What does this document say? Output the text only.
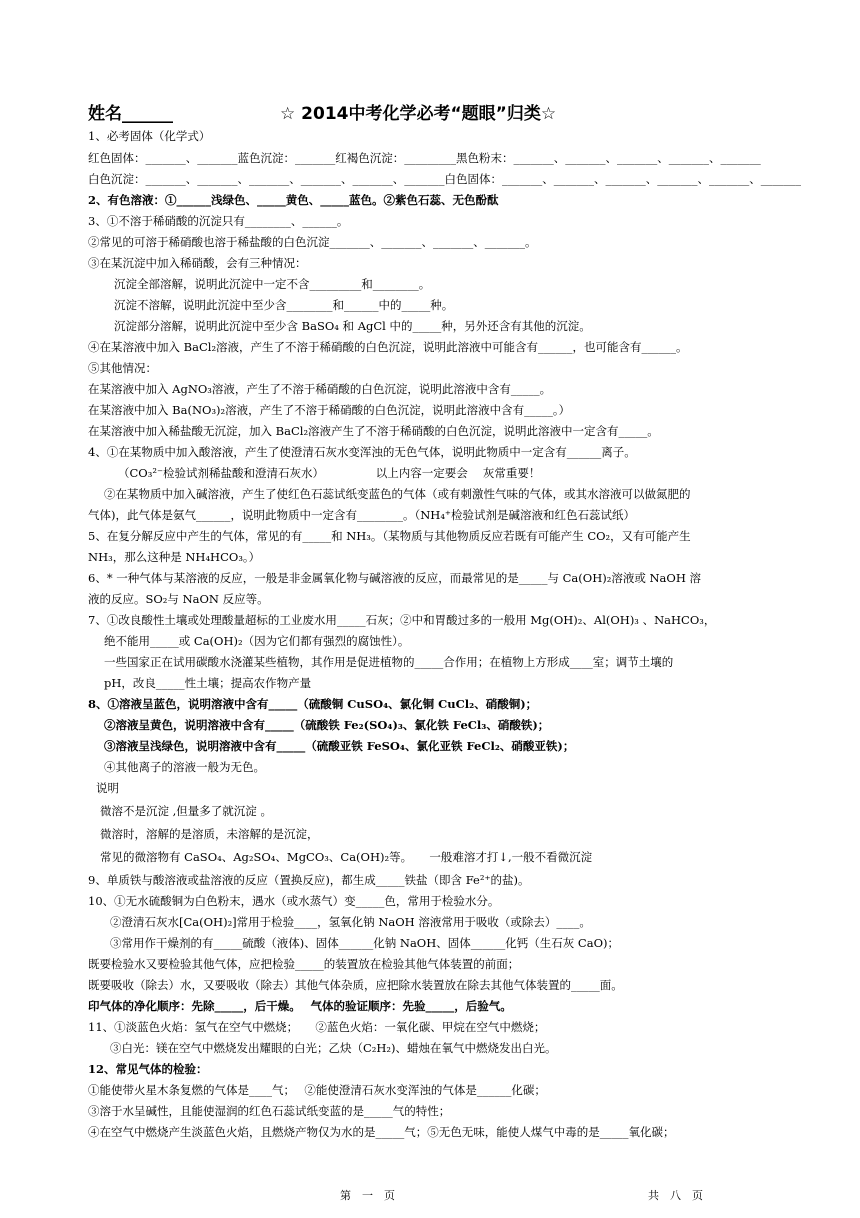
姓名______	☆ 2014中考化学必考“题眼”归类☆
1、必考固体（化学式）
红色固体：_______、_______蓝色沉淀：_______红褐色沉淀：_________黑色粉末：_______、_______、_______、_______、_______
白色沉淀：_______、_______、_______、_______、_______、_______白色固体：_______、_______、_______、_______、_______、_______
2、有色溶液：①______浅绿色、_____黄色、_____蓝色。②紫色石蕊、无色酚酞
3、①不溶于稀硝酸的沉淀只有________、______。
②常见的可溶于稀硝酸也溶于稀盐酸的白色沉淀_______、_______、_______、_______。
③在某沉淀中加入稀硝酸，会有三种情况：
沉淀全部溶解，说明此沉淀中一定不含_________和________。
沉淀不溶解，说明此沉淀中至少含________和______中的_____种。
沉淀部分溶解，说明此沉淀中至少含 BaSO₄ 和 AgCl 中的_____种，另外还含有其他的沉淀。
④在某溶液中加入 BaCl₂溶液，产生了不溶于稀硝酸的白色沉淀，说明此溶液中可能含有______，也可能含有______。
⑤其他情况：
在某溶液中加入 AgNO₃溶液，产生了不溶于稀硝酸的白色沉淀，说明此溶液中含有_____。
在某溶液中加入 Ba(NO₃)₂溶液，产生了不溶于稀硝酸的白色沉淀，说明此溶液中含有_____。）
在某溶液中加入稀盐酸无沉淀，加入 BaCl₂溶液产生了不溶于稀硝酸的白色沉淀，说明此溶液中一定含有_____。
4、①在某物质中加入酸溶液，产生了使澄清石灰水变浑浊的无色气体，说明此物质中一定含有______离子。
（CO₃²⁻检验试剂稀盐酸和澄清石灰水）　　　　　以上内容一定要会　 灰常重要！
②在某物质中加入碱溶液，产生了使红色石蕊试纸变蓝色的气体（或有刺激性气味的气体，或其水溶液可以做氮肥的
气体)，此气体是氨气______，说明此物质中一定含有________。（NH₄⁺检验试剂是碱溶液和红色石蕊试纸）
5、在复分解反应中产生的气体，常见的有_____和 NH₃。（某物质与其他物质反应若既有可能产生 CO₂，又有可能产生
NH₃，那么这种是 NH₄HCO₃。）
6、* 一种气体与某溶液的反应，一般是非金属氧化物与碱溶液的反应，而最常见的是_____与 Ca(OH)₂溶液或 NaOH 溶
液的反应。SO₂与 NaON 反应等。
7、①改良酸性土壤或处理酸量超标的工业废水用_____石灰；②中和胃酸过多的一般用 Mg(OH)₂、Al(OH)₃ 、NaHCO₃，
绝不能用_____或 Ca(OH)₂（因为它们都有强烈的腐蚀性）。
一些国家正在试用碳酸水浇灌某些植物，其作用是促进植物的_____合作用；在植物上方形成____室；调节土壤的
pH，改良_____性土壤；提高农作物产量
8、①溶液呈蓝色，说明溶液中含有_____（硫酸铜 CuSO₄、氯化铜 CuCl₂、硝酸铜)；
②溶液呈黄色，说明溶液中含有_____（硫酸铁 Fe₂(SO₄)₃、氯化铁 FeCl₃、硝酸铁)；
③溶液呈浅绿色，说明溶液中含有_____（硫酸亚铁 FeSO₄、氯化亚铁 FeCl₂、硝酸亚铁)；
④其他离子的溶液一般为无色。
说明
微溶不是沉淀 ,但量多了就沉淀 。
微溶时，溶解的是溶质，未溶解的是沉淀，
常见的微溶物有 CaSO₄、Ag₂SO₄、MgCO₃、Ca(OH)₂等。　　一般难溶才打↓,一般不看微沉淀
9、单质铁与酸溶液或盐溶液的反应（置换反应)，都生成_____铁盐（即含 Fe²⁺的盐)。
10、①无水硫酸铜为白色粉末，遇水（或水蒸气）变_____色，常用于检验水分。
②澄清石灰水[Ca(OH)₂]常用于检验____，氢氧化钠 NaOH 溶液常用于吸收（或除去）____。
③常用作干燥剂的有_____硫酸（液体)、固体______化钠 NaOH、固体______化钙（生石灰 CaO)；
既要检验水又要检验其他气体，应把检验_____的装置放在检验其他气体装置的前面；
既要吸收（除去）水，又要吸收（除去）其他气体杂质，应把除水装置放在除去其他气体装置的_____面。
印气体的净化顺序：先除_____，后干燥。　 气体的验证顺序：先验_____，后验气。
11、①淡蓝色火焰：氢气在空气中燃烧；　　②蓝色火焰：一氧化碳、甲烷在空气中燃烧；
③白光：镁在空气中燃烧发出耀眼的白光；乙炔（C₂H₂)、蜡烛在氧气中燃烧发出白光。
12、常见气体的检验：
①能使带火星木条复燃的气体是____气；　 ②能使澄清石灰水变浑浊的气体是______化碳；
③溶于水呈碱性，且能使湿润的红色石蕊试纸变蓝的是_____气的特性；
④在空气中燃烧产生淡蓝色火焰，且燃烧产物仅为水的是_____气；⑤无色无味，能使人煤气中毒的是_____氧化碳；
第　一　页	共　八　页
